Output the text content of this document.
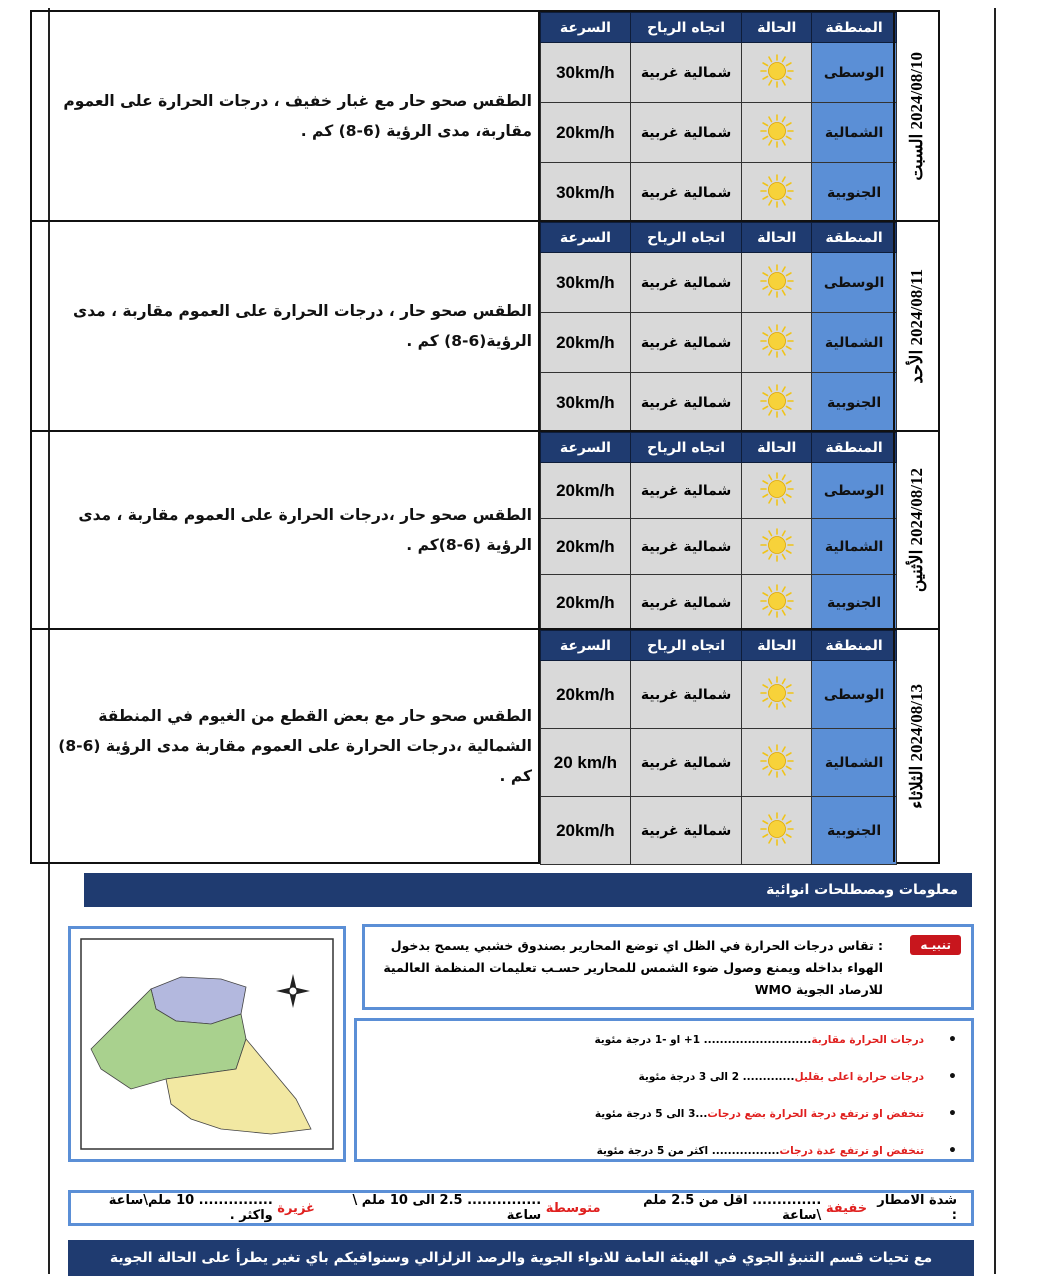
الطقس صحو حار مع غبار خفيف ، درجات الحرارة على العموم مقاربة، مدى الرؤية (6-8) كم .

السرعة	اتجاه الرياح	الحالة	المنطقة
30km/h	شمالية غربية		الوسطى
20km/h	شمالية غربية		الشمالية
30km/h	شمالية غربية		الجنوبية
2024/08/10 السبت

الطقس صحو حار ، درجات الحرارة على العموم مقاربة ، مدى الرؤية(6-8) كم .

السرعة	اتجاه الرياح	الحالة	المنطقة
30km/h	شمالية غربية		الوسطى
20km/h	شمالية غربية		الشمالية
30km/h	شمالية غربية		الجنوبية
2024/08/11 الأحد

الطقس صحو حار ،درجات الحرارة على العموم مقاربة ، مدى الرؤية (6-8)كم .

السرعة	اتجاه الرياح	الحالة	المنطقة
20km/h	شمالية غربية		الوسطى
20km/h	شمالية غربية		الشمالية
20km/h	شمالية غربية		الجنوبية
2024/08/12 الأثنين

الطقس صحو حار مع بعض القطع من الغيوم في المنطقة الشمالية ،درجات الحرارة على العموم مقاربة مدى الرؤية (6-8) كم .

السرعة	اتجاه الرياح	الحالة	المنطقة
20km/h	شمالية غربية		الوسطى
20 km/h	شمالية غربية		الشمالية
20km/h	شمالية غربية		الجنوبية
2024/08/13 الثلاثاء
معلومات ومصطلحات انوائية
تنبيـه

: تقاس درجات الحرارة في الظل اي توضع المحارير بصندوق خشبي يسمح بدخول الهواء بداخله ويمنع وصول ضوء الشمس للمحارير حسـب تعليمات المنظمة العالمية للارصاد الجوية WMO

• درجات الحرارة مقاربة
........................... 1+ او -1 درجة مئوية
• درجات حرارة اعلى بقليل
............. 2 الى 3 درجة مئوية
• تنخفض او ترتفع درجة الحرارة بضع درجات
...3 الى 5 درجة مئوية
• تنخفض او ترتفع عدة درجات
................. اكثر من 5 درجة مئوية
شدة الامطار :

خفيفة

.............. اقل من 2.5 ملم \ساعة

متوسطة

............... 2.5 الى 10 ملم \ ساعة

غزيرة

............... 10 ملم\ساعة واكثر .
مع تحيات قسم التنبؤ الجوي في الهيئة العامة للانواء الجوية والرصد الزلزالي وسنوافيكم باي تغير يطرأ على الحالة الجوية
